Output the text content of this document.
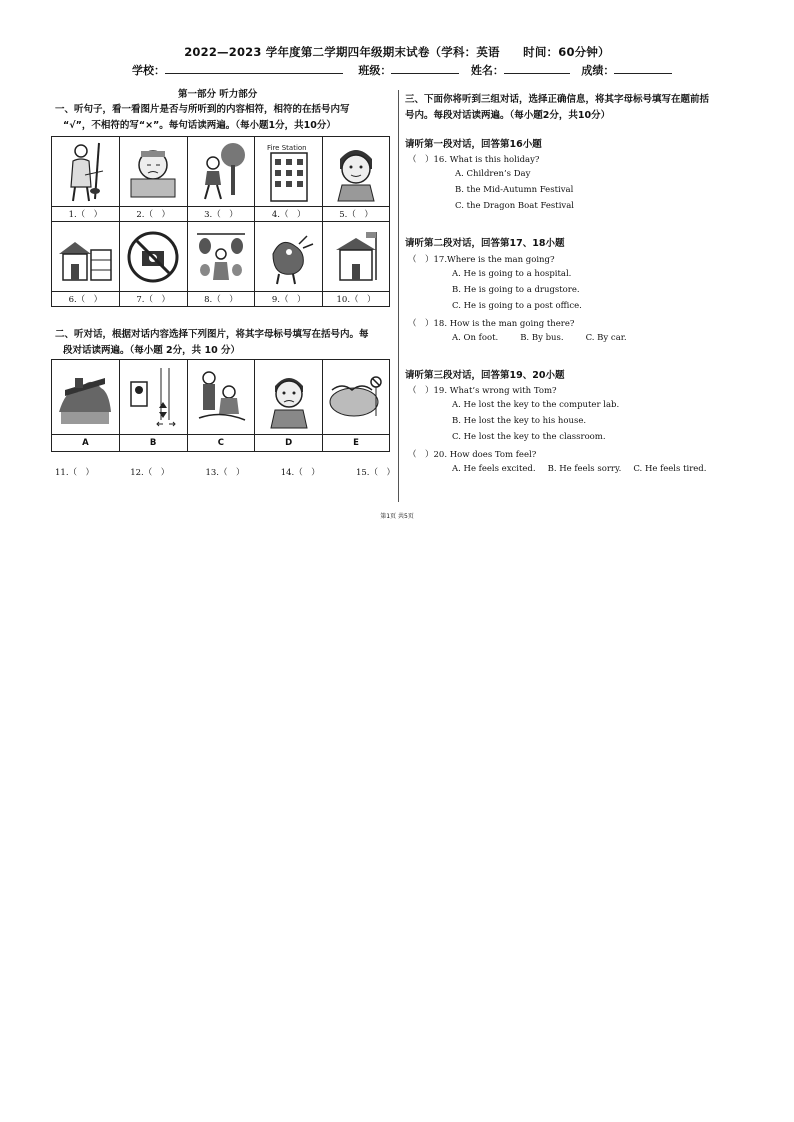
2022—2023 学年度第二学期四年级期末试卷（学科：英语　　时间：60分钟）
学校：	班级：	姓名：	成绩：
第一部分 听力部分
一、听句子，看一看图片是否与所听到的内容相符，相符的在括号内写
“√”，不相符的写“×”。每句话读两遍。（每小题1分，共10分）

Fire Station

1.（　）	2.（　）	3.（　）	4.（　）	5.（　）

6.（　）	7.（　）	8.（　）	9.（　）	10.（　）
二、听对话，根据对话内容选择下列图片，将其字母标号填写在括号内。每
段对话读两遍。（每小题 2分，共 10 分）

A	B	C	D	E
11.（　）	12.（　）	13.（　）	14.（　）	15.（　）
三、下面你将听到三组对话，选择正确信息，将其字母标号填写在题前括
号内。每段对话读两遍。（每小题2分，共10分）
请听第一段对话，回答第16小题
（　）16. What is this holiday?
A. Children’s Day
B. the Mid-Autumn Festival
C. the Dragon Boat Festival
请听第二段对话，回答第17、18小题
（　）17.Where is the man going?
A. He is going to a hospital.
B. He is going to a drugstore.
C. He is going to a post office.
（　）18. How is the man going there?
A. On foot.	B. By bus.	C. By car.
请听第三段对话，回答第19、20小题
（　）19. What’s wrong with Tom?
A. He lost the key to the computer lab.
B. He lost the key to his house.
C. He lost the key to the classroom.
（　）20. How does Tom feel?
A. He feels excited. B. He feels sorry. C. He feels tired.
第1页 共5页
